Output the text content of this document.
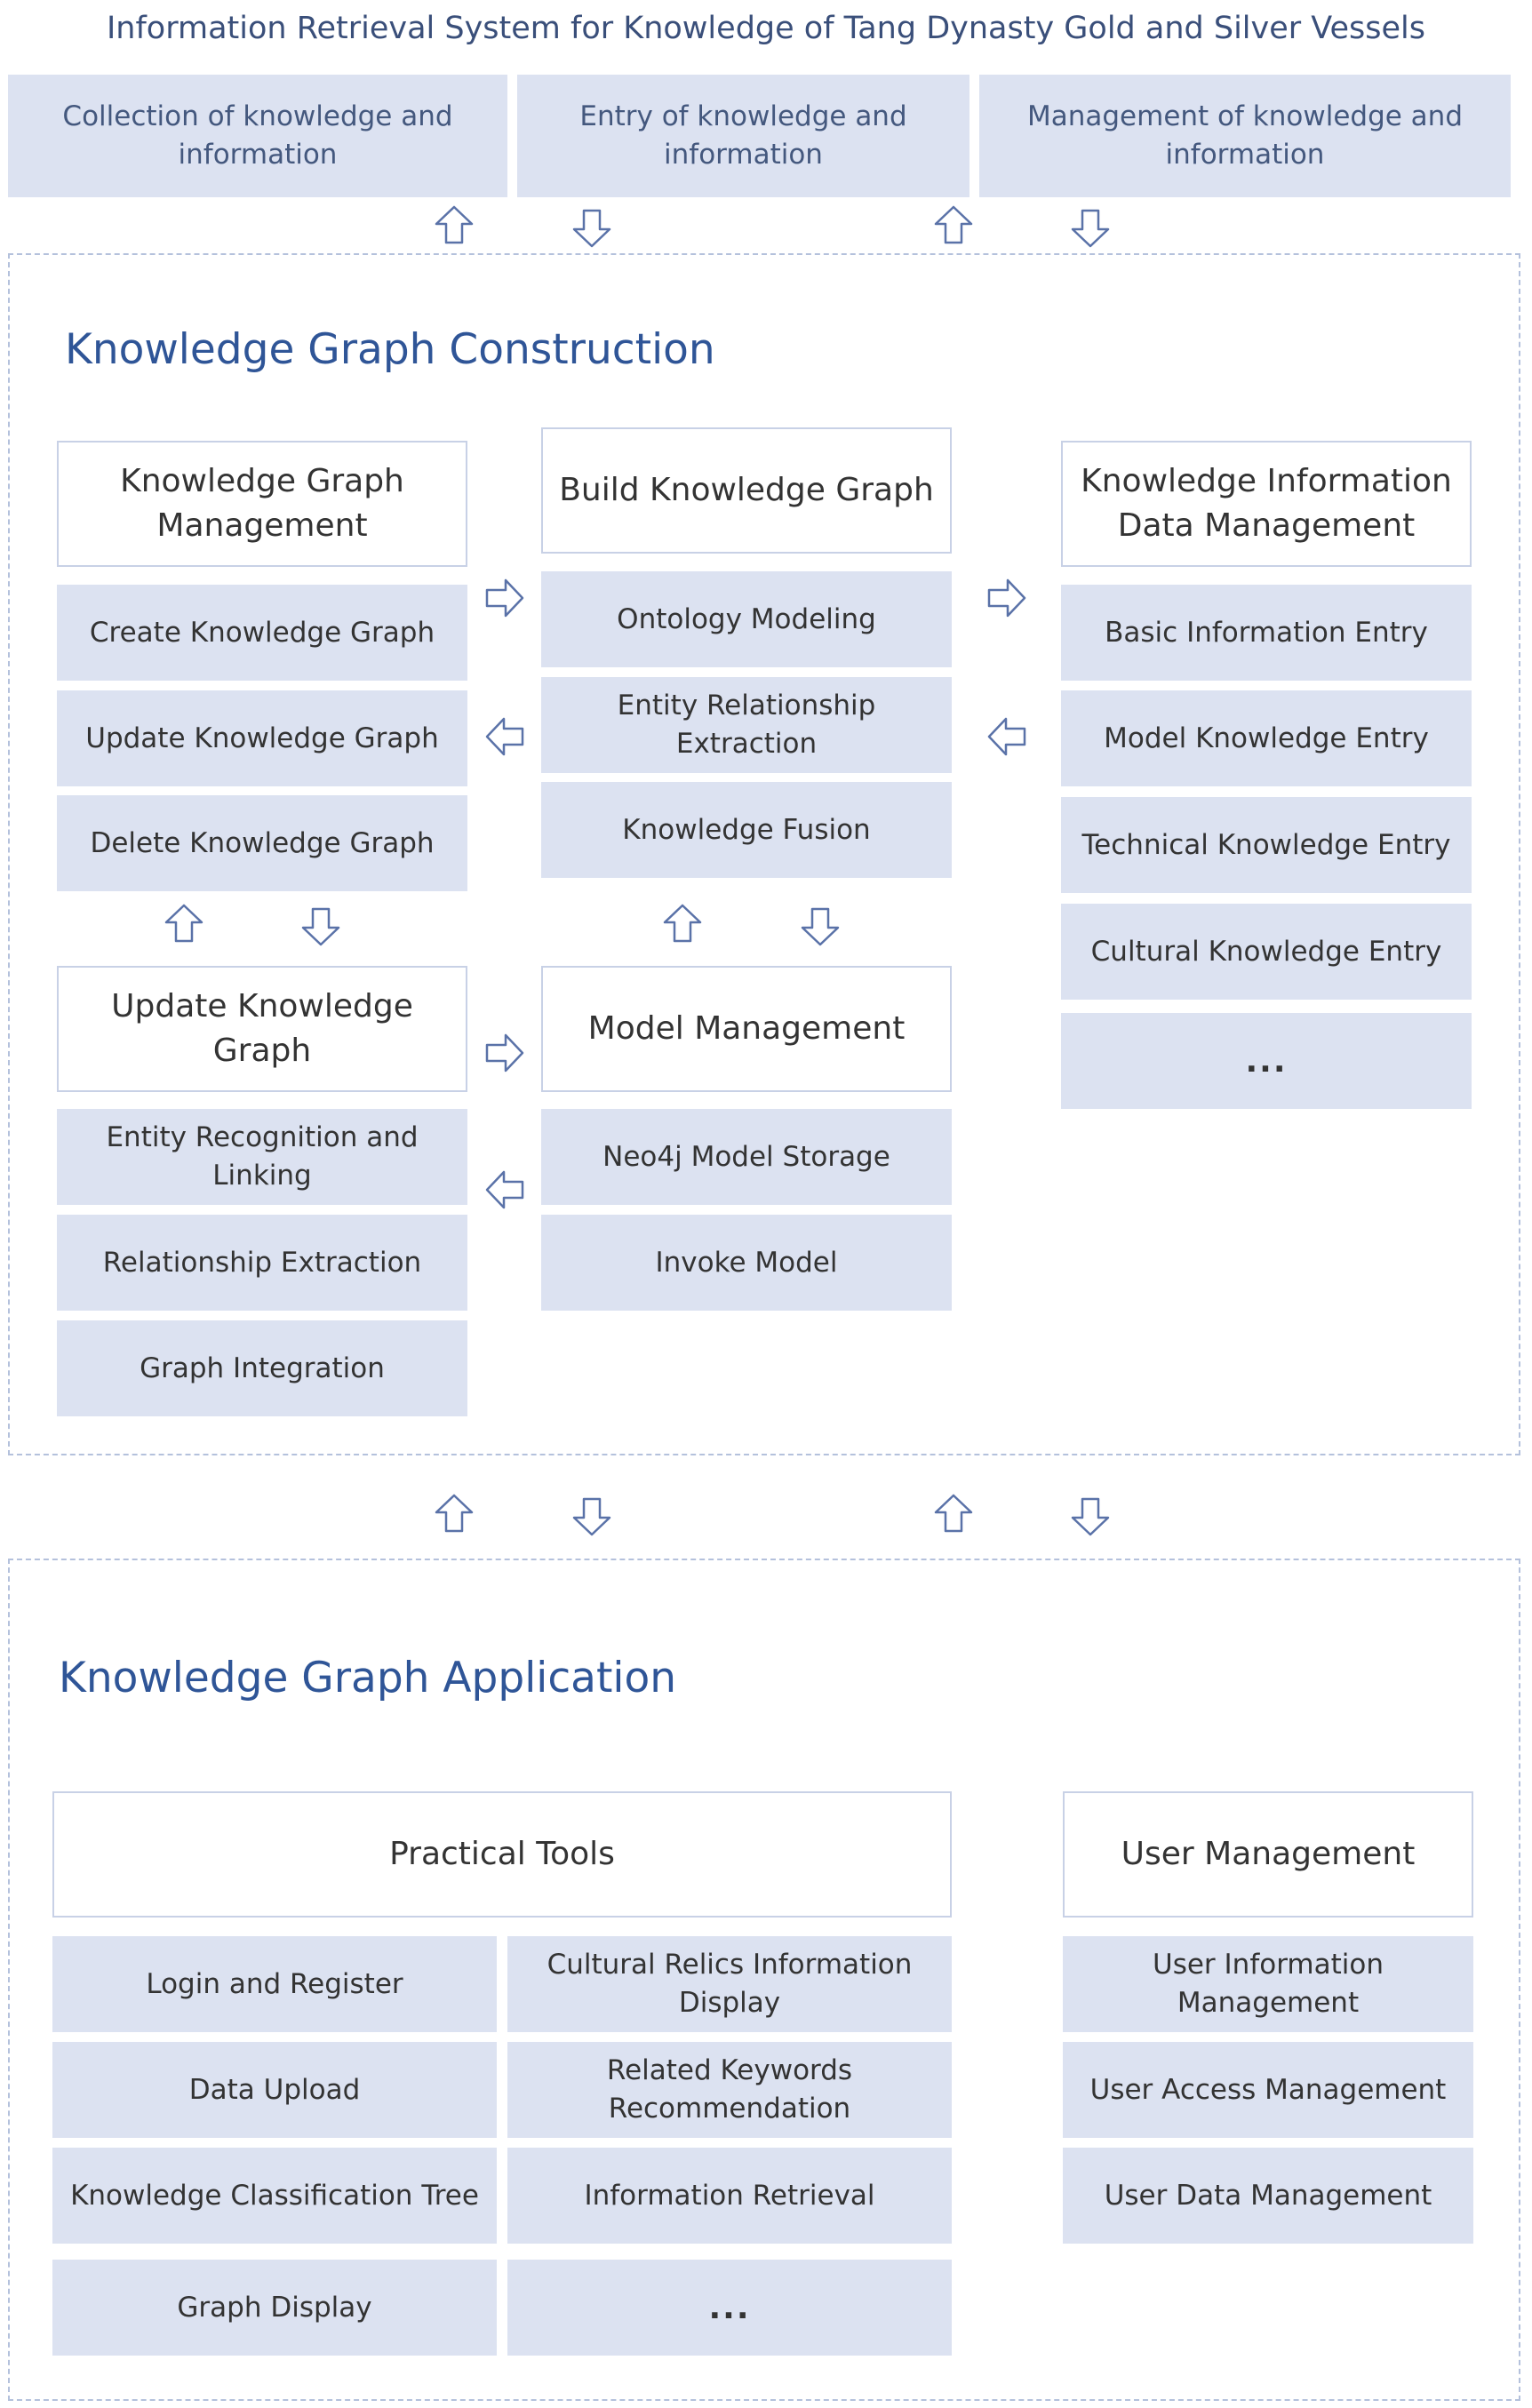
Information Retrieval System for Knowledge of Tang Dynasty Gold and Silver Vessels
Collection of knowledge and information
Entry of knowledge and information
Management of knowledge and information
Knowledge Graph Construction
Knowledge Graph Management
Create Knowledge Graph
Update Knowledge Graph
Delete Knowledge Graph
Build Knowledge Graph
Ontology Modeling
Entity Relationship Extraction
Knowledge Fusion
Knowledge Information Data Management
Basic Information Entry
Model Knowledge Entry
Technical Knowledge Entry
Cultural Knowledge Entry
...
Update Knowledge Graph
Entity Recognition and Linking
Relationship Extraction
Graph Integration
Model Management
Neo4j Model Storage
Invoke Model
Knowledge Graph Application
Practical Tools
Login and Register
Cultural Relics Information Display
Data Upload
Related Keywords Recommendation
Knowledge Classification Tree	Information Retrieval
Graph Display	...
User Management
User Information Management
User Access Management
User Data Management
